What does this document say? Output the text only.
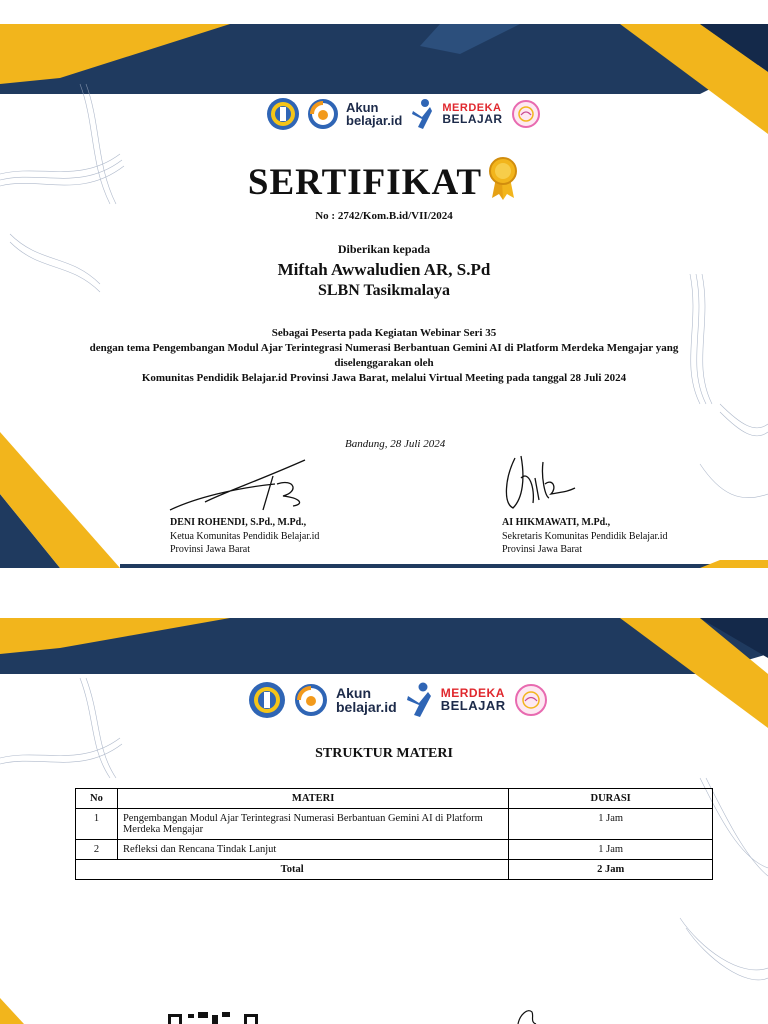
Akun
belajar.id
MERDEKA
BELAJAR
SERTIFIKAT
No : 2742/Kom.B.id/VII/2024
Diberikan kepada
Miftah Awwaludien AR, S.Pd
SLBN Tasikmalaya
Sebagai Peserta pada Kegiatan Webinar Seri 35
dengan tema Pengembangan Modul Ajar Terintegrasi Numerasi Berbantuan Gemini AI di Platform Merdeka Mengajar yang
diselenggarakan oleh
Komunitas Pendidik Belajar.id Provinsi Jawa Barat, melalui Virtual Meeting pada tanggal 28 Juli 2024
Bandung, 28 Juli 2024
DENI ROHENDI, S.Pd., M.Pd.,
Ketua Komunitas Pendidik Belajar.id
Provinsi Jawa Barat
AI HIKMAWATI, M.Pd.,
Sekretaris Komunitas Pendidik Belajar.id
Provinsi Jawa Barat
Akun
belajar.id
MERDEKA
BELAJAR
STRUKTUR MATERI
No	MATERI	DURASI
1	Pengembangan Modul Ajar Terintegrasi Numerasi Berbantuan Gemini AI di Platform Merdeka Mengajar	1 Jam
2	Refleksi dan Rencana Tindak Lanjut	1 Jam
Total		2 Jam
